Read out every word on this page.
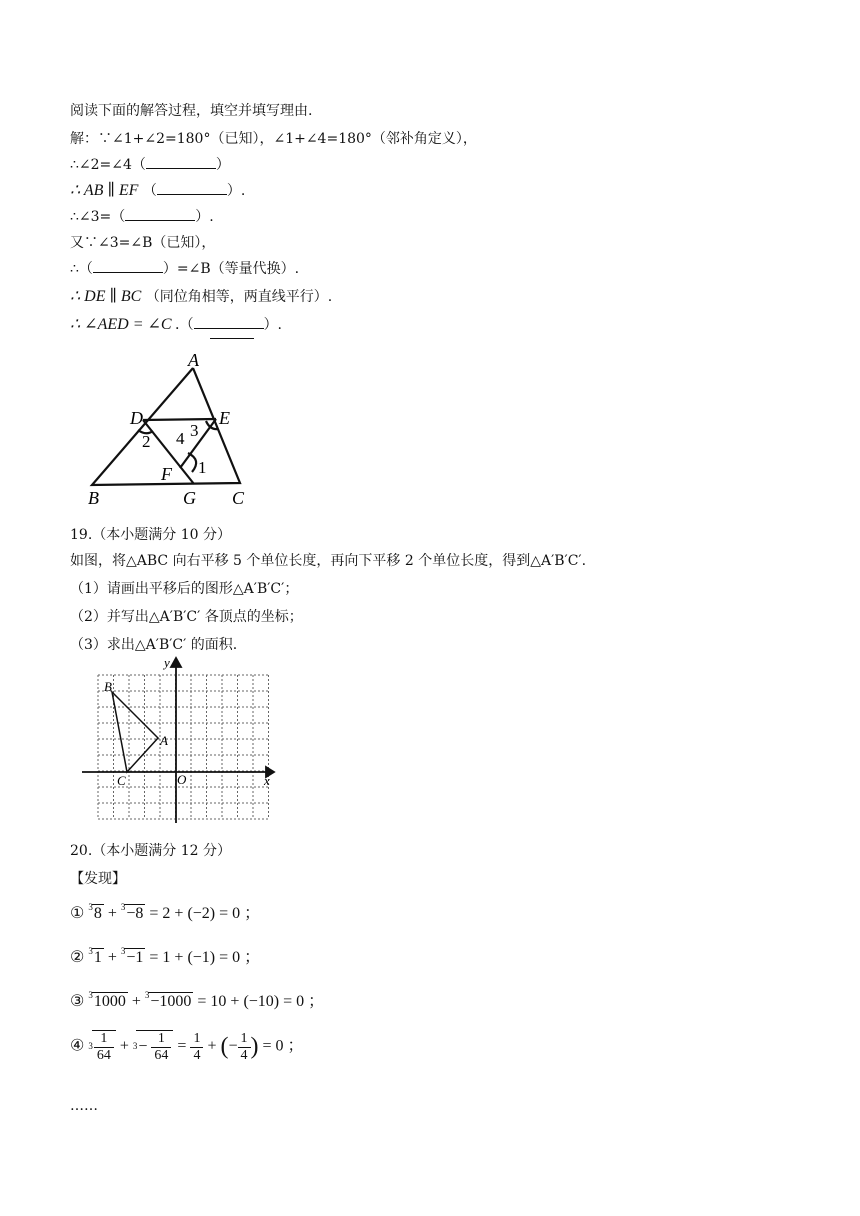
阅读下面的解答过程，填空并填写理由.
解：∵∠1+∠2=180°（已知），∠1+∠4=180°（邻补角定义），
∴∠2=∠4（	）
∴ AB ∥ EF （	）.
∴∠3=（	）.
又∵∠3=∠B（已知），
∴（	）=∠B（等量代换）.
∴ DE ∥ BC （同位角相等，两直线平行）.
∴ ∠AED = ∠C .（	）.
A
B	C
D	E
F
G
2 4 3
1
19.（本小题满分 10 分）
如图，将△ABC 向右平移 5 个单位长度，再向下平移 2 个单位长度，得到△A′B′C′.
（1）请画出平移后的图形△A′B′C′；
（2）并写出△A′B′C′ 各顶点的坐标；
（3）求出△A′B′C′ 的面积.
B
A
C	O	x
y
20.（本小题满分 12 分）
【发现】
① $^3$8 + $^3$−8 = 2 + (−2) = 0 ；
② $^3$1 + $^3$−1 = 1 + (−1) = 0 ；
③ $^3$1000 + $^3$−1000 = 10 + (−10) = 0 ；
④ $3 \frac{1}{64} + 3- \frac{1}{64} = \frac{1}{4}$ + (− $\frac{1}{4}$ ) = 0 ；
……
